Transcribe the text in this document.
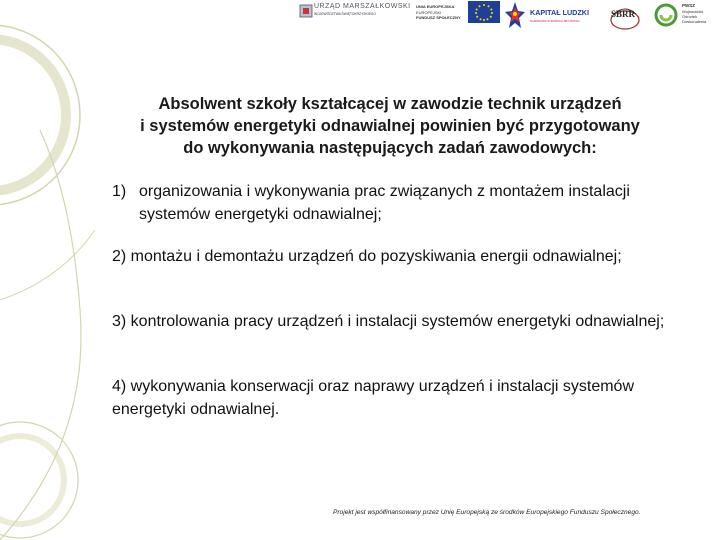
URZĄD MARSZAŁKOWSKI
WOJEWÓDZTWA ŚWIĘTOKRZYSKIEGO
UNIA EUROPEJSKA
EUROPEJSKI
FUNDUSZ SPOŁECZNY
KAPITAŁ LUDZKI
NARODOWA STRATEGIA SPÓJNOŚCI
SBRR
PWSZ
Wojewódzki
Ośrodek
Doskonalenia
Absolwent szkoły kształcącej w zawodzie technik urządzeń
i systemów energetyki odnawialnej powinien być przygotowany
do wykonywania następujących zadań zawodowych:
1) organizowania i wykonywania prac związanych z montażem instalacji systemów energetyki odnawialnej;
2) montażu i demontażu urządzeń do pozyskiwania energii odnawialnej;
3) kontrolowania pracy urządzeń i instalacji systemów energetyki odnawialnej;
4) wykonywania konserwacji oraz naprawy urządzeń i instalacji systemów energetyki odnawialnej.
Projekt jest współfinansowany przez Unię Europejską ze środków Europejskiego Funduszu Społecznego.
